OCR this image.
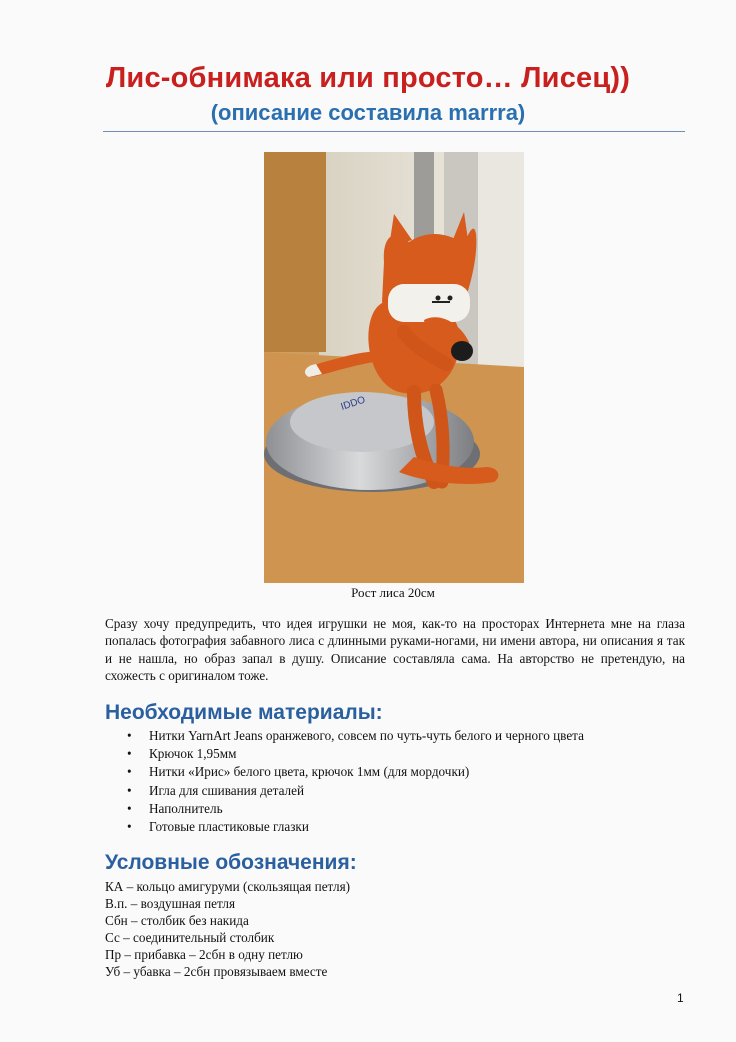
Лис-обнимака или просто… Лисец))
(описание составила marrra)
IDDO
Рост лиса 20см
Сразу хочу предупредить, что идея игрушки не моя, как-то на просторах Интернета мне на глаза попалась фотография забавного лиса с длинными руками-ногами, ни имени автора, ни описания я так и не нашла, но образ запал в душу. Описание составляла сама. На авторство не претендую, на схожесть с оригиналом тоже.
Необходимые материалы:
• Нитки YarnArt Jeans оранжевого, совсем по чуть-чуть белого и черного цвета
• Крючок 1,95мм
• Нитки «Ирис» белого цвета, крючок 1мм (для мордочки)
• Игла для сшивания деталей
• Наполнитель
• Готовые пластиковые глазки
Условные обозначения:
КА – кольцо амигуруми (скользящая петля)
В.п. – воздушная петля
Сбн – столбик без накида
Сс – соединительный столбик
Пр – прибавка – 2сбн в одну петлю
Уб – убавка – 2сбн провязываем вместе
1
